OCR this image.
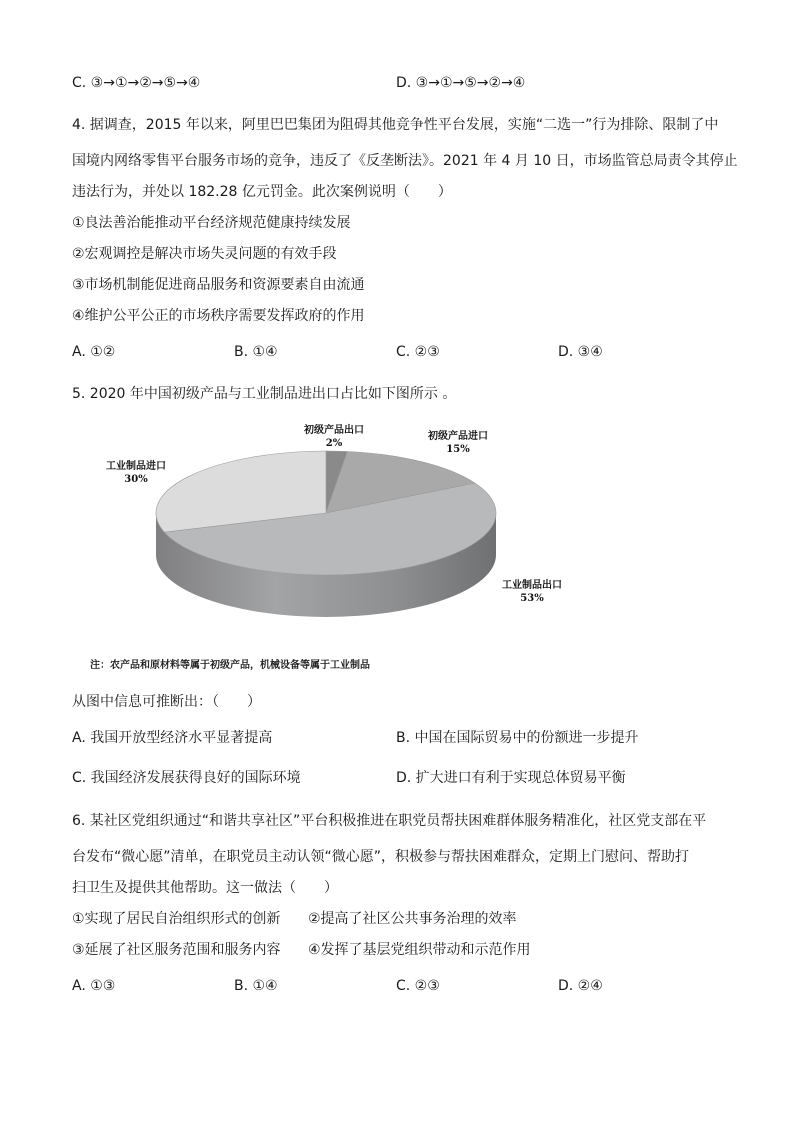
C. ③→①→②→⑤→④	D. ③→①→⑤→②→④
4. 据调查，2015 年以来，阿里巴巴集团为阻碍其他竞争性平台发展，实施“二选一”行为排除、限制了中
国境内网络零售平台服务市场的竞争，违反了《反垄断法》。2021 年 4 月 10 日，市场监管总局责令其停止
违法行为，并处以 182.28 亿元罚金。此次案例说明（　　）
①良法善治能推动平台经济规范健康持续发展
②宏观调控是解决市场失灵问题的有效手段
③市场机制能促进商品服务和资源要素自由流通
④维护公平公正的市场秩序需要发挥政府的作用
A. ①②	B. ①④	C. ②③	D. ③④
5. 2020 年中国初级产品与工业制品进出口占比如下图所示 。
初级产品出口
2%
初级产品进口
15%
工业制品出口
53%
工业制品进口
30%
注：农产品和原材料等属于初级产品，机械设备等属于工业制品
从图中信息可推断出：（　　）
A. 我国开放型经济水平显著提高	B. 中国在国际贸易中的份额进一步提升
C. 我国经济发展获得良好的国际环境	D. 扩大进口有利于实现总体贸易平衡
6. 某社区党组织通过“和谐共享社区”平台积极推进在职党员帮扶困难群体服务精准化，社区党支部在平
台发布“微心愿”清单，在职党员主动认领“微心愿”，积极参与帮扶困难群众，定期上门慰问、帮助打
扫卫生及提供其他帮助。这一做法（　　）
①实现了居民自治组织形式的创新 ②提高了社区公共事务治理的效率
③延展了社区服务范围和服务内容 ④发挥了基层党组织带动和示范作用
A. ①③	B. ①④	C. ②③	D. ②④
